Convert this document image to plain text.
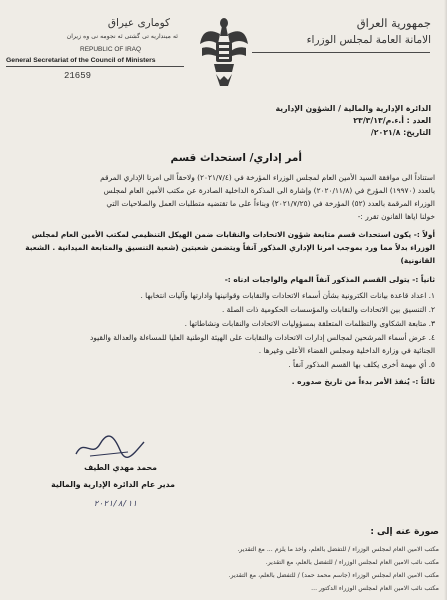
جمهورية العراق
الامانة العامة لمجلس الوزراء
كومارى عيراق
ئه مينداريه تى گشتى ئه نجومه نى وه زيران
REPUBLIC OF IRAQ
General Secretariat of the Council of Ministers
21659
الدائرة الإدارية والمالية / الشؤون الإدارية
العدد : أ.ء.م/٢٣/٣/١٣
التاريخ: ٢٠٢١/٨/
أمر إداري/ استحداث قسم
استناداً الى موافقة السيد الأمين العام لمجلس الوزراء المؤرخة في (٢٠٢١/٧/٤) ولاحقاً الى امرنا الإداري المرقم
بالعدد (١٩٩٧٠) المؤرخ في (٢٠٢٠/١١/٨) وإشارة الى المذكرة الداخلية الصادرة عن مكتب الأمين العام لمجلس
الوزراء المرقمة بالعدد (٥٢) المؤرخة في (٢٠٢١/٧/٢٥) وبناءاً على ما تقتضيه متطلبات العمل والصلاحيات التي
خولنا اياها القانون تقرر :-
أولاً :- يكون استحداث قسم متابعة شؤون الاتحادات والنقابات ضمن الهيكل التنظيمي لمكتب الأمين العام لمجلس
الوزراء بدلاً مما ورد بموجب امرنا الإداري المذكور آنفاً ويتضمن شعبتين (شعبة التنسيق والمتابعة الميدانية . الشعبة
القانونية)
ثانياً :- يتولى القسم المذكور آنفاً المهام والواجبات ادناه :-
١. اعداد قاعدة بيانات الكترونية بشأن أسماء الاتحادات والنقابات وقوانينها وادارتها وآليات انتخابها .
٢. التنسيق بين الاتحادات والنقابات والمؤسسات الحكومية ذات الصلة .
٣. متابعة الشكاوى والتظلمات المتعلقة بمسؤوليات الاتحادات والنقابات ونشاطاتها .
٤. عرض أسماء المرشحين لمجالس إدارات الاتحادات والنقابات على الهيئة الوطنية العليا للمساءلة والعدالة والقيود
الجنائية في وزارة الداخلية ومجلس القضاء الأعلى وغيرها .
٥. أي مهمة أخرى يكلف بها القسم المذكور آنفاً .
ثالثاً :- يُنفذ الأمر بدءاً من تاريخ صدوره .
محمد مهدي الطيف
مدير عام الدائرة الإدارية والمالية
٢٠٢١/٨/١١
صورة عنه إلى :
مكتب الامين العام لمجلس الوزراء / للتفضل بالعلم، واخذ ما يلزم ... مع التقدير.
مكتب نائب الامين العام لمجلس الوزراء / للتفضل بالعلم، مع التقدير.
مكتب الامين العام لمجلس الوزراء (جاسم محمد حمد) / للتفضل بالعلم، مع التقدير.
مكتب نائب الامين العام لمجلس الوزراء الدكتور ...
